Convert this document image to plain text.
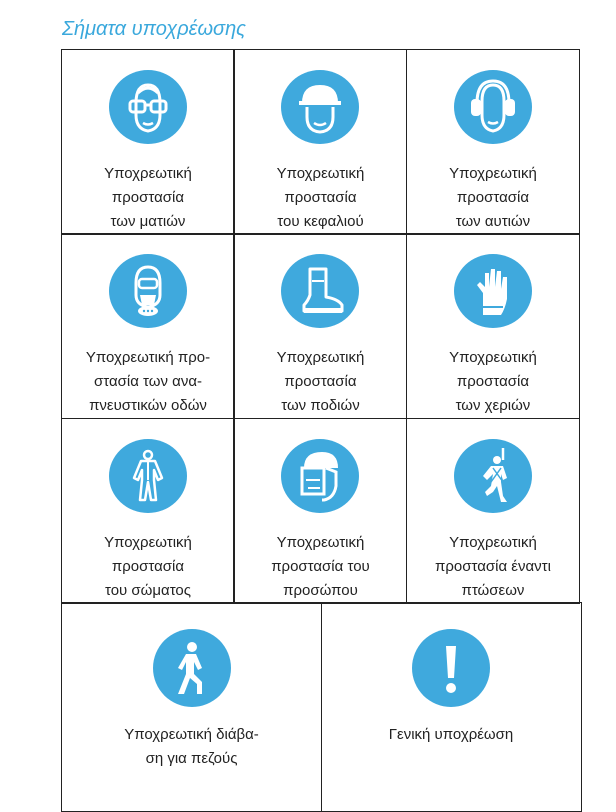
Σήματα υποχρέωσης
Υποχρεωτική
προστασία
των ματιών
Υποχρεωτική
προστασία
του κεφαλιού
Υποχρεωτική
προστασία
των αυτιών
Υποχρεωτική προ-
στασία των ανα-
πνευστικών οδών
Υποχρεωτική
προστασία
των ποδιών
Υποχρεωτική
προστασία
των χεριών
Υποχρεωτική
προστασία
του σώματος
Υποχρεωτική
προστασία του
προσώπου
Υποχρεωτική
προστασία έναντι
πτώσεων
Υποχρεωτική διάβα-
ση για πεζούς
Γενική υποχρέωση
